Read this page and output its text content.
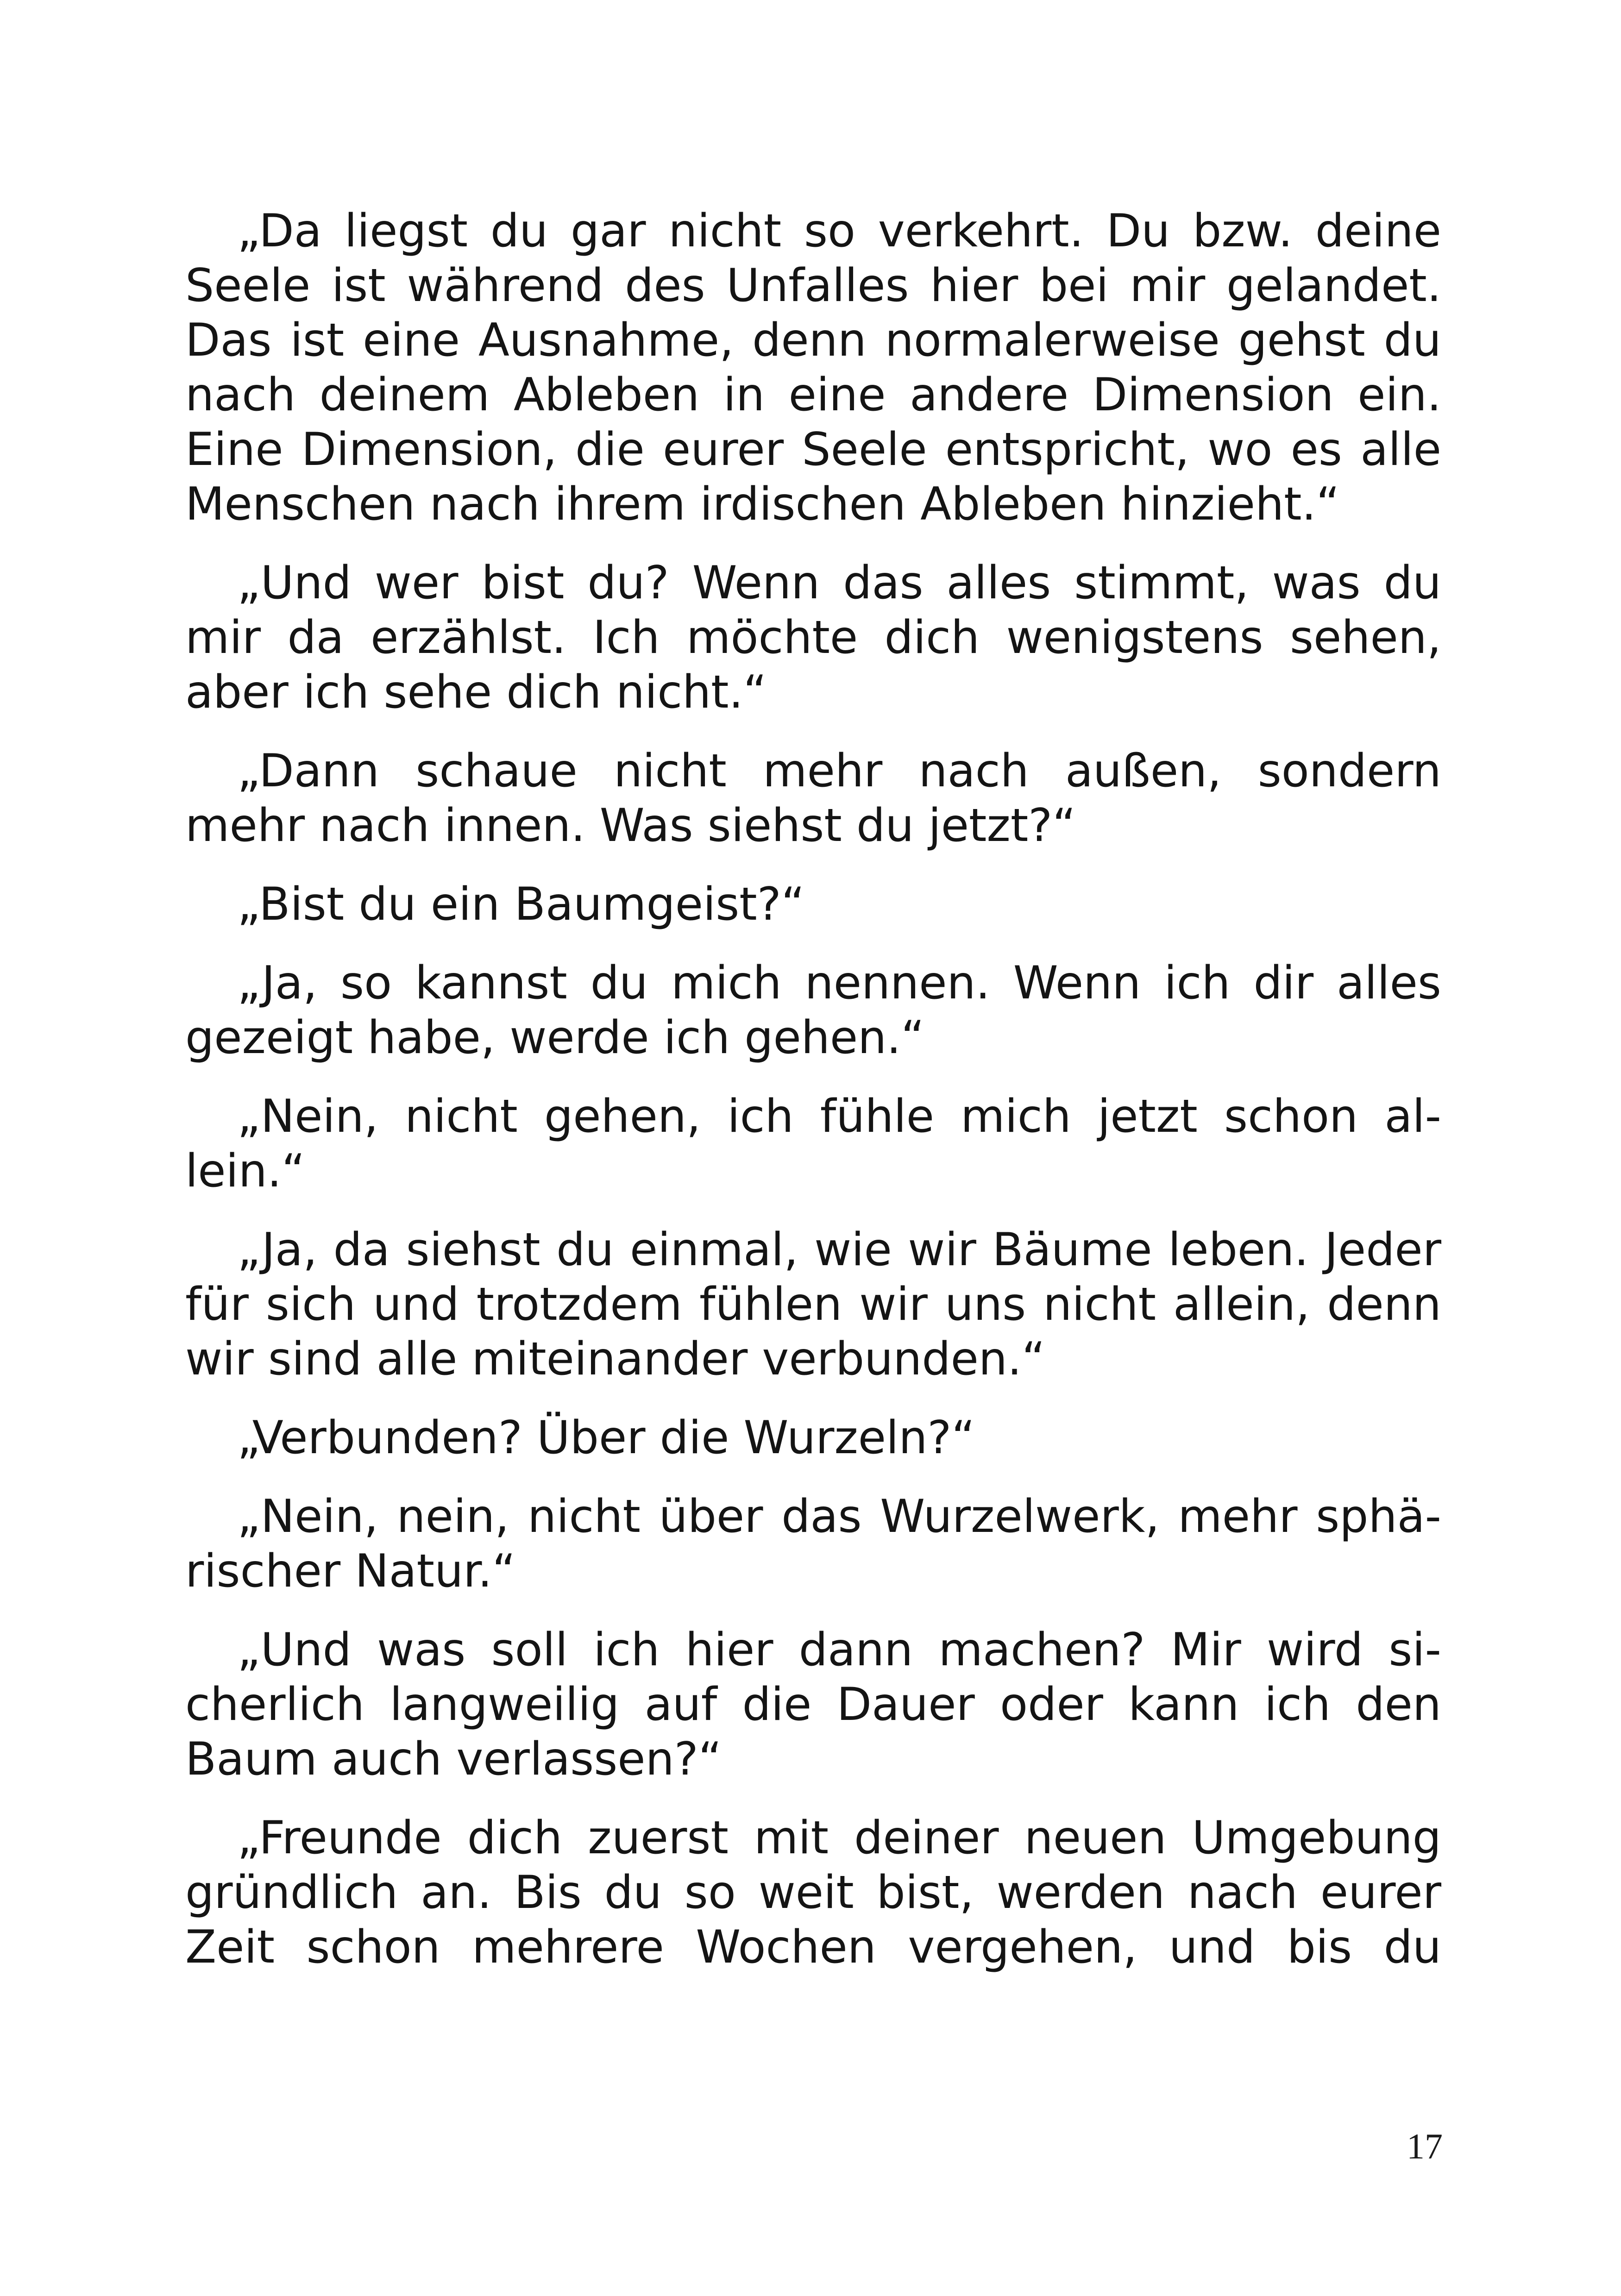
„Da liegst du gar nicht so verkehrt. Du bzw. deine Seele ist während des Unfalles hier bei mir gelandet. Das ist eine Ausnahme, denn normalerweise gehst du nach deinem Ableben in eine andere Dimension ein. Eine Dimension, die eurer Seele entspricht, wo es alle Menschen nach ihrem irdischen Ableben hinzieht.“

„Und wer bist du? Wenn das alles stimmt, was du mir da erzählst. Ich möchte dich wenigstens sehen, aber ich sehe dich nicht.“

„Dann schaue nicht mehr nach außen, sondern mehr nach innen. Was siehst du jetzt?“

„Bist du ein Baumgeist?“

„Ja, so kannst du mich nennen. Wenn ich dir alles gezeigt habe, werde ich gehen.“

„Nein, nicht gehen, ich fühle mich jetzt schon allein.“

„Ja, da siehst du einmal, wie wir Bäume leben. Jeder für sich und trotzdem fühlen wir uns nicht allein, denn wir sind alle miteinander verbunden.“

„Verbunden? Über die Wurzeln?“

„Nein, nein, nicht über das Wurzelwerk, mehr sphärischer Natur.“

„Und was soll ich hier dann machen? Mir wird sicherlich langweilig auf die Dauer oder kann ich den Baum auch verlassen?“

„Freunde dich zuerst mit deiner neuen Umgebung gründlich an. Bis du so weit bist, werden nach eurer Zeit schon mehrere Wochen vergehen, und bis du

17
